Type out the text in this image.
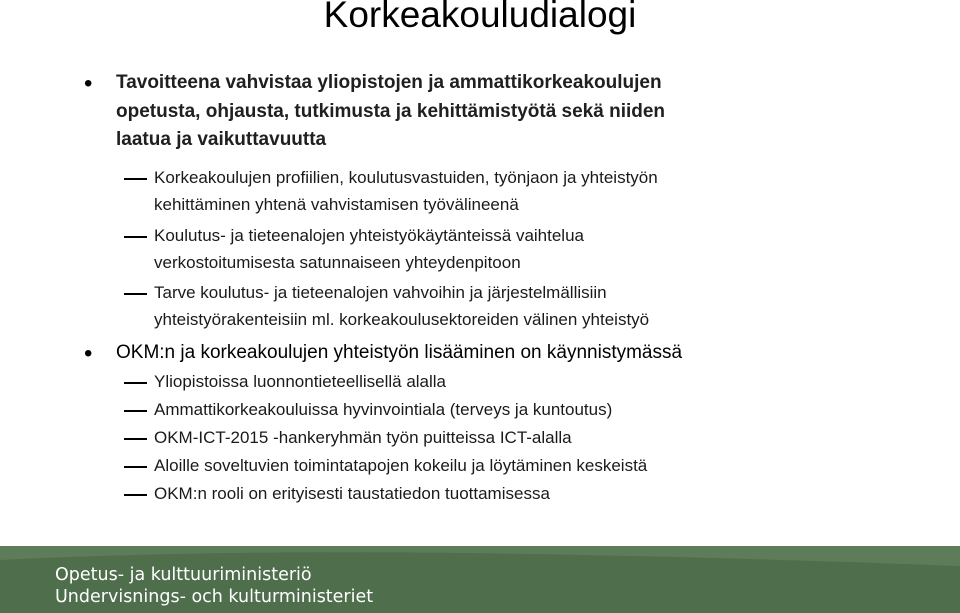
Korkeakouludialogi
• Tavoitteena vahvistaa yliopistojen ja ammattikorkeakoulujen
opetusta, ohjausta, tutkimusta ja kehittämistyötä sekä niiden
laatua ja vaikuttavuutta
Korkeakoulujen profiilien, koulutusvastuiden, työnjaon ja yhteistyön
kehittäminen yhtenä vahvistamisen työvälineenä
Koulutus- ja tieteenalojen yhteistyökäytänteissä vaihtelua
verkostoitumisesta satunnaiseen yhteydenpitoon
Tarve koulutus- ja tieteenalojen vahvoihin ja järjestelmällisiin
yhteistyörakenteisiin ml. korkeakoulusektoreiden välinen yhteistyö
• OKM:n ja korkeakoulujen yhteistyön lisääminen on käynnistymässä
Yliopistoissa luonnontieteellisellä alalla
Ammattikorkeakouluissa hyvinvointiala (terveys ja kuntoutus)
OKM-ICT-2015 -hankeryhmän työn puitteissa ICT-alalla
Aloille soveltuvien toimintatapojen kokeilu ja löytäminen keskeistä
OKM:n rooli on erityisesti taustatiedon tuottamisessa
Opetus- ja kulttuuriministeriö
Undervisnings- och kulturministeriet
